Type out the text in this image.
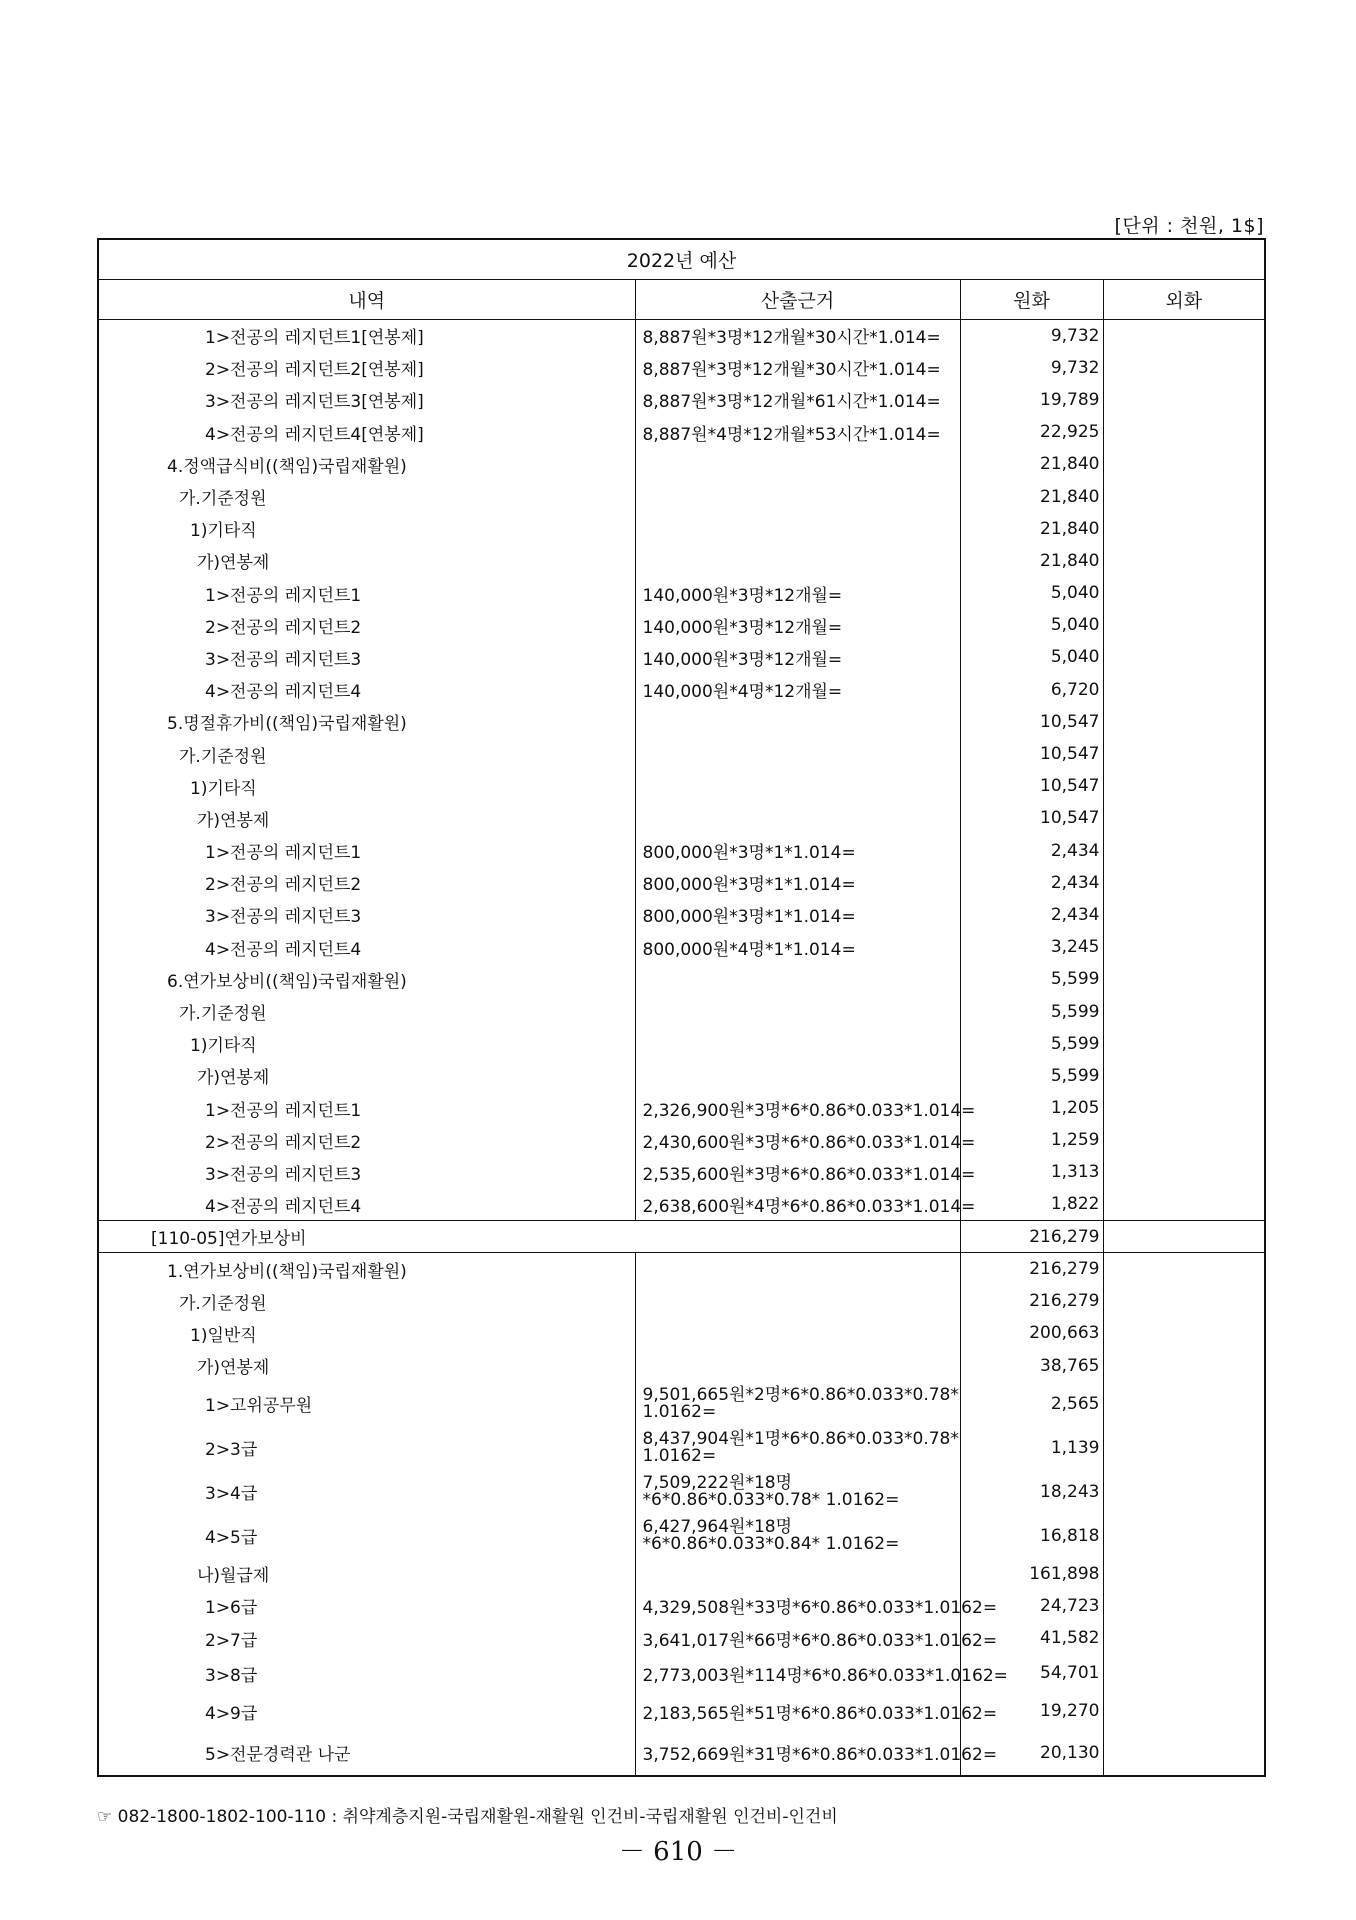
[단위 : 천원, 1$]
2022년 예산			
내역	산출근거	원화	외화
1>전공의 레지던트1[연봉제]	8,887원*3명*12개월*30시간*1.014=	9,732	
2>전공의 레지던트2[연봉제]	8,887원*3명*12개월*30시간*1.014=	9,732	
3>전공의 레지던트3[연봉제]	8,887원*3명*12개월*61시간*1.014=	19,789	
4>전공의 레지던트4[연봉제]	8,887원*4명*12개월*53시간*1.014=	22,925	
4.정액급식비((책임)국립재활원)		21,840	
가.기준정원		21,840	
1)기타직		21,840	
가)연봉제		21,840	
1>전공의 레지던트1	140,000원*3명*12개월=	5,040	
2>전공의 레지던트2	140,000원*3명*12개월=	5,040	
3>전공의 레지던트3	140,000원*3명*12개월=	5,040	
4>전공의 레지던트4	140,000원*4명*12개월=	6,720	
5.명절휴가비((책임)국립재활원)		10,547	
가.기준정원		10,547	
1)기타직		10,547	
가)연봉제		10,547	
1>전공의 레지던트1	800,000원*3명*1*1.014=	2,434	
2>전공의 레지던트2	800,000원*3명*1*1.014=	2,434	
3>전공의 레지던트3	800,000원*3명*1*1.014=	2,434	
4>전공의 레지던트4	800,000원*4명*1*1.014=	3,245	
6.연가보상비((책임)국립재활원)		5,599	
가.기준정원		5,599	
1)기타직		5,599	
가)연봉제		5,599	
1>전공의 레지던트1	2,326,900원*3명*6*0.86*0.033*1.014=	1,205	
2>전공의 레지던트2	2,430,600원*3명*6*0.86*0.033*1.014=	1,259	
3>전공의 레지던트3	2,535,600원*3명*6*0.86*0.033*1.014=	1,313	
4>전공의 레지던트4	2,638,600원*4명*6*0.86*0.033*1.014=	1,822	
[110-05]연가보상비		216,279	
1.연가보상비((책임)국립재활원)		216,279	
가.기준정원		216,279	
1)일반직		200,663	
가)연봉제		38,765	
1>고위공무원	9,501,665원*2명*6*0.86*0.033*0.78* 1.0162=	2,565	
2>3급	8,437,904원*1명*6*0.86*0.033*0.78* 1.0162=	1,139	
3>4급	7,509,222원*18명*6*0.86*0.033*0.78* 1.0162=	18,243	
4>5급	6,427,964원*18명*6*0.86*0.033*0.84* 1.0162=	16,818	
나)월급제		161,898	
1>6급	4,329,508원*33명*6*0.86*0.033*1.0162=	24,723	
2>7급	3,641,017원*66명*6*0.86*0.033*1.0162=	41,582	
3>8급	2,773,003원*114명*6*0.86*0.033*1.0162=	54,701	
4>9급	2,183,565원*51명*6*0.86*0.033*1.0162=	19,270	
5>전문경력관 나군	3,752,669원*31명*6*0.86*0.033*1.0162=	20,130	
☞ 082-1800-1802-100-110 : 취약계층지원-국립재활원-재활원 인건비-국립재활원 인건비-인건비
－ 610 －
